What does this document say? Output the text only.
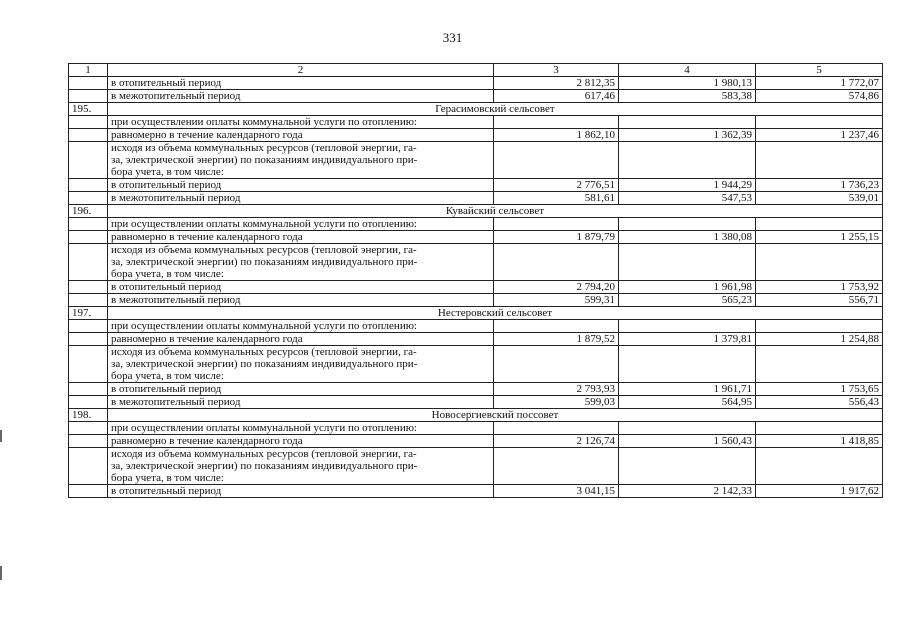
331
1	2	3	4	5
	в отопительный период	2 812,35	1 980,13	1 772,07
	в межотопительный период	617,46	583,38	574,86
195.	Герасимовский сельсовет			
	при осуществлении оплаты коммунальной услуги по отоплению:			
	равномерно в течение календарного года	1 862,10	1 362,39	1 237,46

	исходя из объема коммунальных ресурсов (тепловой энергии, га-
за, электрической энергии) по показаниям индивидуального при-
бора учета, в том числе:			

	в отопительный период	2 776,51	1 944,29	1 736,23
	в межотопительный период	581,61	547,53	539,01
196.	Кувайский сельсовет			
	при осуществлении оплаты коммунальной услуги по отоплению:			
	равномерно в течение календарного года	1 879,79	1 380,08	1 255,15

	исходя из объема коммунальных ресурсов (тепловой энергии, га-
за, электрической энергии) по показаниям индивидуального при-
бора учета, в том числе:			

	в отопительный период	2 794,20	1 961,98	1 753,92
	в межотопительный период	599,31	565,23	556,71
197.	Нестеровский сельсовет			
	при осуществлении оплаты коммунальной услуги по отоплению:			
	равномерно в течение календарного года	1 879,52	1 379,81	1 254,88

	исходя из объема коммунальных ресурсов (тепловой энергии, га-
за, электрической энергии) по показаниям индивидуального при-
бора учета, в том числе:			

	в отопительный период	2 793,93	1 961,71	1 753,65
	в межотопительный период	599,03	564,95	556,43
198.	Новосергиевский поссовет			
	при осуществлении оплаты коммунальной услуги по отоплению:			
	равномерно в течение календарного года	2 126,74	1 560,43	1 418,85

	исходя из объема коммунальных ресурсов (тепловой энергии, га-
за, электрической энергии) по показаниям индивидуального при-
бора учета, в том числе:			

	в отопительный период	3 041,15	2 142,33	1 917,62
